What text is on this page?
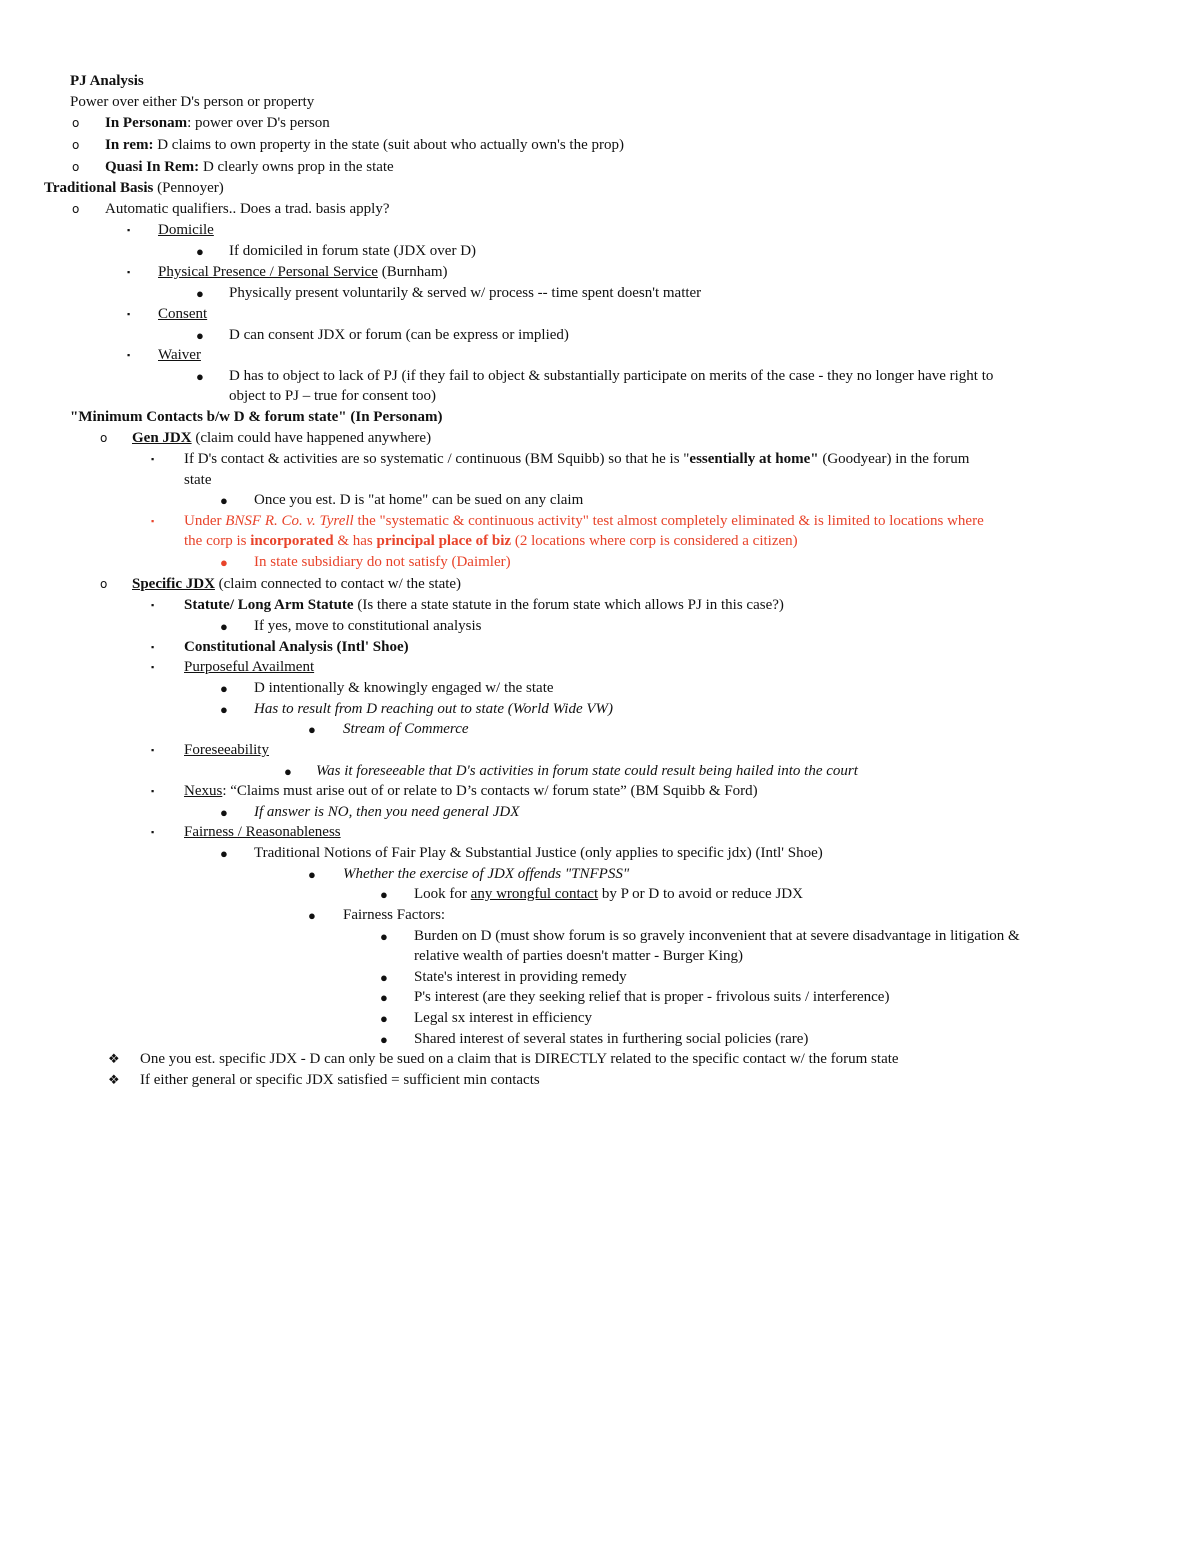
PJ Analysis
Power over either D's person or property
o In Personam: power over D's person
o In rem: D claims to own property in the state (suit about who actually own's the prop)
o Quasi In Rem: D clearly owns prop in the state
Traditional Basis (Pennoyer)
o Automatic qualifiers.. Does a trad. basis apply?
▪ Domicile
● If domiciled in forum state (JDX over D)
▪ Physical Presence / Personal Service (Burnham)
● Physically present voluntarily & served w/ process -- time spent doesn't matter
▪ Consent
● D can consent JDX or forum (can be express or implied)
▪ Waiver
● D has to object to lack of PJ (if they fail to object & substantially participate on merits of the case - they no longer have right to
object to PJ – true for consent too)
"Minimum Contacts b/w D & forum state" (In Personam)
o Gen JDX (claim could have happened anywhere)
▪ If D's contact & activities are so systematic / continuous (BM Squibb) so that he is "essentially at home" (Goodyear) in the forum
state
● Once you est. D is "at home" can be sued on any claim
▪ Under BNSF R. Co. v. Tyrell the "systematic & continuous activity" test almost completely eliminated & is limited to locations where
the corp is incorporated & has principal place of biz (2 locations where corp is considered a citizen)
● In state subsidiary do not satisfy (Daimler)
o Specific JDX (claim connected to contact w/ the state)
▪ Statute/ Long Arm Statute (Is there a state statute in the forum state which allows PJ in this case?)
● If yes, move to constitutional analysis
▪ Constitutional Analysis (Intl' Shoe)
▪ Purposeful Availment
● D intentionally & knowingly engaged w/ the state
● Has to result from D reaching out to state (World Wide VW)
● Stream of Commerce
▪ Foreseeability
● Was it foreseeable that D's activities in forum state could result being hailed into the court
▪ Nexus: “Claims must arise out of or relate to D’s contacts w/ forum state” (BM Squibb & Ford)
● If answer is NO, then you need general JDX
▪ Fairness / Reasonableness
● Traditional Notions of Fair Play & Substantial Justice (only applies to specific jdx) (Intl' Shoe)
● Whether the exercise of JDX offends "TNFPSS"
● Look for any wrongful contact by P or D to avoid or reduce JDX
● Fairness Factors:
● Burden on D (must show forum is so gravely inconvenient that at severe disadvantage in litigation &
relative wealth of parties doesn't matter - Burger King)
● State's interest in providing remedy
● P's interest (are they seeking relief that is proper - frivolous suits / interference)
● Legal sx interest in efficiency
● Shared interest of several states in furthering social policies (rare)
❖ One you est. specific JDX - D can only be sued on a claim that is DIRECTLY related to the specific contact w/ the forum state
❖ If either general or specific JDX satisfied = sufficient min contacts
